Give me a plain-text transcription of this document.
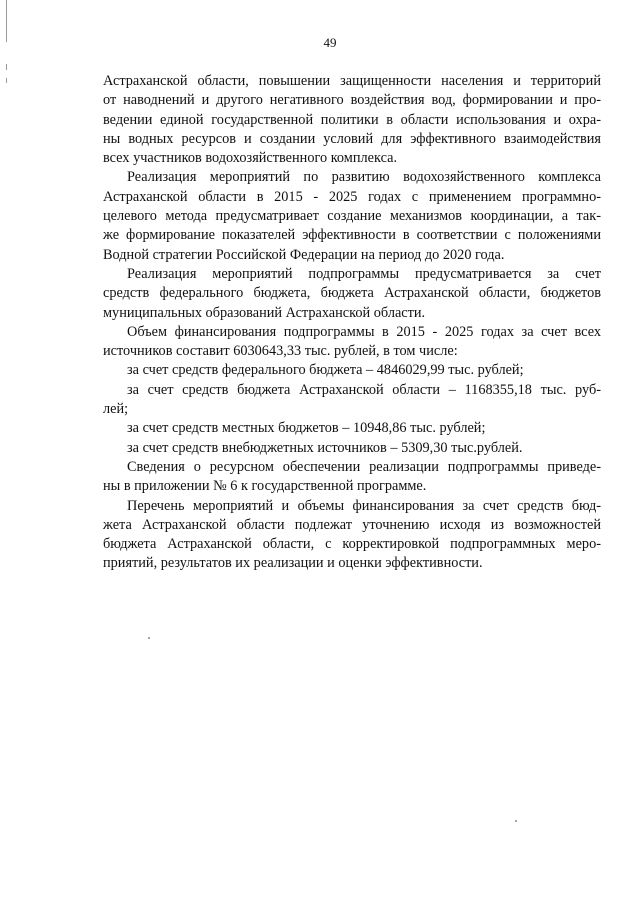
49
Астраханской области, повышении защищенности населения и территорий
от наводнений и другого негативного воздействия вод, формировании и про-
ведении единой государственной политики в области использования и охра-
ны водных ресурсов и создании условий для эффективного взаимодействия
всех участников водохозяйственного комплекса.
Реализация мероприятий по развитию водохозяйственного комплекса
Астраханской области в 2015 - 2025 годах с применением программно-
целевого метода предусматривает создание механизмов координации, а так-
же формирование показателей эффективности в соответствии с положениями
Водной стратегии Российской Федерации на период до 2020 года.
Реализация мероприятий подпрограммы предусматривается за счет
средств федерального бюджета, бюджета Астраханской области, бюджетов
муниципальных образований Астраханской области.
Объем финансирования подпрограммы в 2015 - 2025 годах за счет всех
источников составит 6030643,33 тыс. рублей, в том числе:
за счет средств федерального бюджета – 4846029,99 тыс. рублей;
за счет средств бюджета Астраханской области – 1168355,18 тыс. руб-
лей;
за счет средств местных бюджетов – 10948,86 тыс. рублей;
за счет средств внебюджетных источников – 5309,30 тыс.рублей.
Сведения о ресурсном обеспечении реализации подпрограммы приведе-
ны в приложении № 6 к государственной программе.
Перечень мероприятий и объемы финансирования за счет средств бюд-
жета Астраханской области подлежат уточнению исходя из возможностей
бюджета Астраханской области, с корректировкой подпрограммных меро-
приятий, результатов их реализации и оценки эффективности.
